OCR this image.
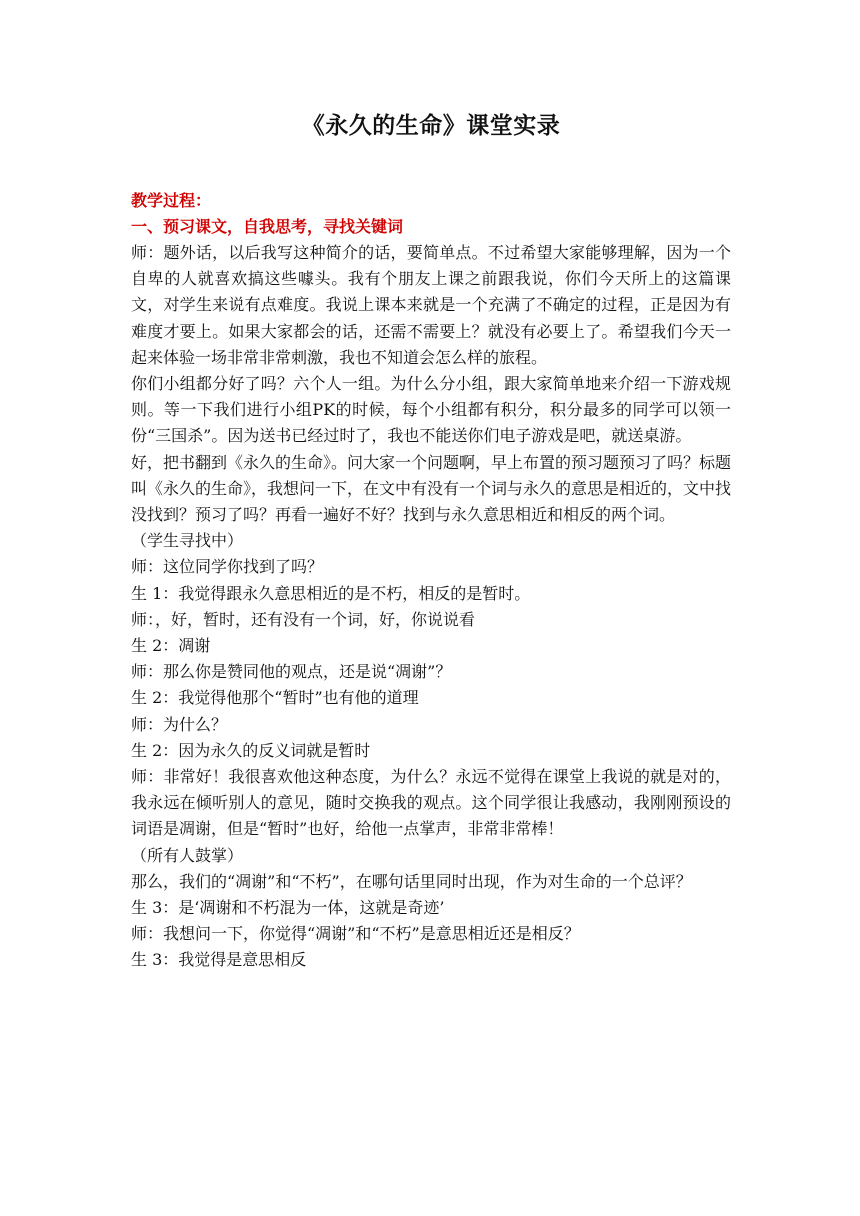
《永久的生命》课堂实录
教学过程：
一、预习课文，自我思考，寻找关键词

师：题外话，以后我写这种简介的话，要简单点。不过希望大家能够理解，因为一个自卑的人就喜欢搞这些噱头。我有个朋友上课之前跟我说，你们今天所上的这篇课文，对学生来说有点难度。我说上课本来就是一个充满了不确定的过程，正是因为有难度才要上。如果大家都会的话，还需不需要上？就没有必要上了。希望我们今天一起来体验一场非常非常刺激，我也不知道会怎么样的旅程。

你们小组都分好了吗？六个人一组。为什么分小组，跟大家简单地来介绍一下游戏规则。等一下我们进行小组PK的时候，每个小组都有积分，积分最多的同学可以领一份“三国杀”。因为送书已经过时了，我也不能送你们电子游戏是吧，就送桌游。

好，把书翻到《永久的生命》。问大家一个问题啊，早上布置的预习题预习了吗？标题叫《永久的生命》，我想问一下，在文中有没有一个词与永久的意思是相近的，文中找没找到？预习了吗？再看一遍好不好？找到与永久意思相近和相反的两个词。

（学生寻找中）

师：这位同学你找到了吗？

生 1：我觉得跟永久意思相近的是不朽，相反的是暂时。

师：，好，暂时，还有没有一个词，好，你说说看

生 2：凋谢

师：那么你是赞同他的观点，还是说“凋谢”？

生 2：我觉得他那个“暂时”也有他的道理

师：为什么？

生 2：因为永久的反义词就是暂时

师：非常好！我很喜欢他这种态度，为什么？永远不觉得在课堂上我说的就是对的，我永远在倾听别人的意见，随时交换我的观点。这个同学很让我感动，我刚刚预设的词语是凋谢，但是“暂时”也好，给他一点掌声，非常非常棒！

（所有人鼓掌）

那么，我们的“凋谢”和“不朽”，在哪句话里同时出现，作为对生命的一个总评？

生 3：是‘凋谢和不朽混为一体，这就是奇迹’

师：我想问一下，你觉得“凋谢”和“不朽”是意思相近还是相反？

生 3：我觉得是意思相反
